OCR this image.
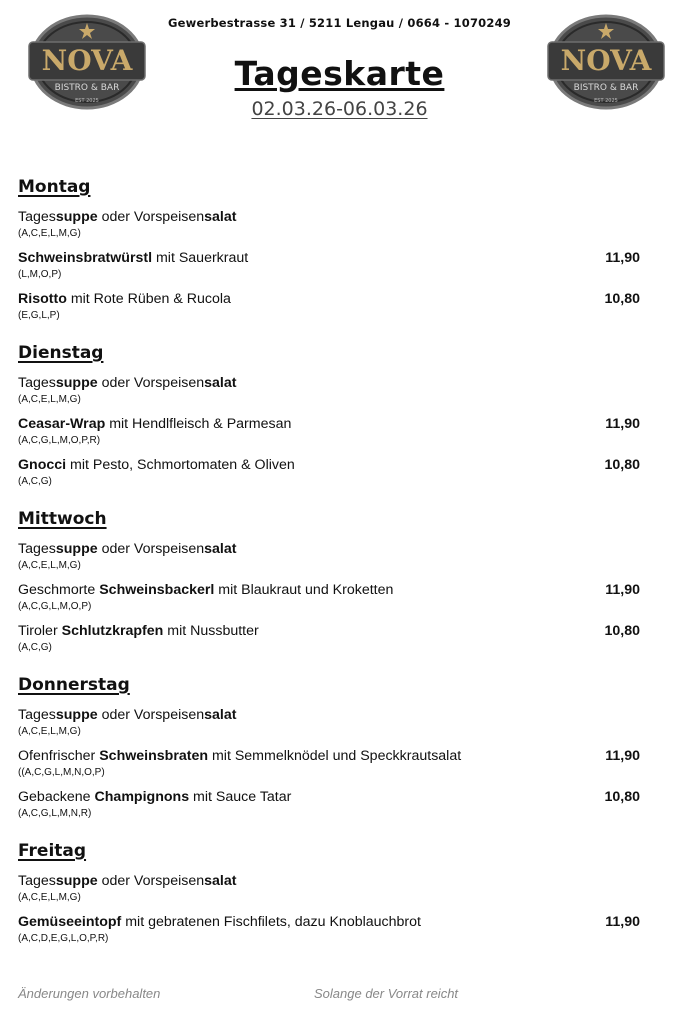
Gewerbestrasse 31 / 5211 Lengau / 0664 - 1070249
Tageskarte
02.03.26-06.03.26
NOVA
BISTRO & BAR
EST 2025
NOVA
BISTRO & BAR
EST 2025
Montag
Tagessuppe oder Vorspeisensalat
(A,C,E,L,M,G)
Schweinsbratwürstl mit Sauerkraut	11,90
(L,M,O,P)
Risotto mit Rote Rüben & Rucola	10,80
(E,G,L,P)
Dienstag
Tagessuppe oder Vorspeisensalat
(A,C,E,L,M,G)
Ceasar-Wrap mit Hendlfleisch & Parmesan	11,90
(A,C,G,L,M,O,P,R)
Gnocci mit Pesto, Schmortomaten & Oliven	10,80
(A,C,G)
Mittwoch
Tagessuppe oder Vorspeisensalat
(A,C,E,L,M,G)
Geschmorte Schweinsbackerl mit Blaukraut und Kroketten	11,90
(A,C,G,L,M,O,P)
Tiroler Schlutzkrapfen mit Nussbutter	10,80
(A,C,G)
Donnerstag
Tagessuppe oder Vorspeisensalat
(A,C,E,L,M,G)
Ofenfrischer Schweinsbraten mit Semmelknödel und Speckkrautsalat	11,90
((A,C,G,L,M,N,O,P)
Gebackene Champignons mit Sauce Tatar	10,80
(A,C,G,L,M,N,R)
Freitag
Tagessuppe oder Vorspeisensalat
(A,C,E,L,M,G)
Gemüseeintopf mit gebratenen Fischfilets, dazu Knoblauchbrot	11,90
(A,C,D,E,G,L,O,P,R)
Änderungen vorbehalten	Solange der Vorrat reicht
